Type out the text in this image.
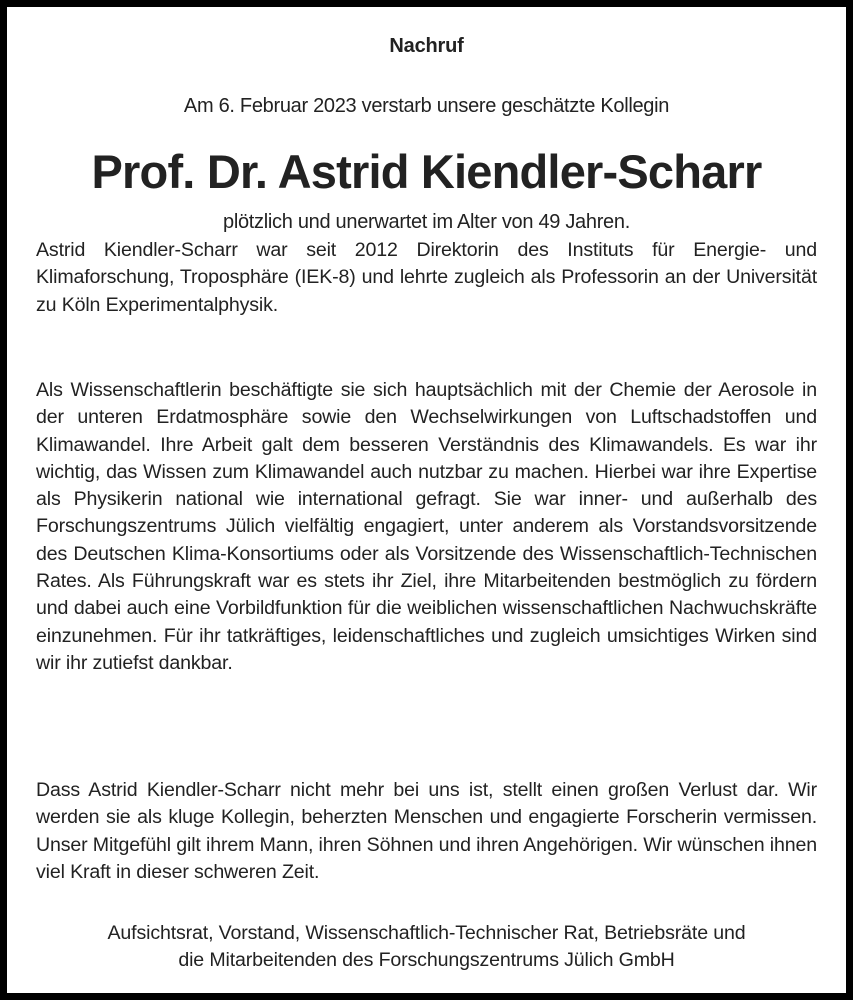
Nachruf
Am 6. Februar 2023 verstarb unsere geschätzte Kollegin
Prof. Dr. Astrid Kiendler-Scharr
plötzlich und unerwartet im Alter von 49 Jahren.

Astrid Kiendler-Scharr war seit 2012 Direktorin des Instituts für Energie- und Klimaforschung, Troposphäre (IEK-8) und lehrte zugleich als Professorin an der Universität zu Köln Experimentalphysik.

Als Wissenschaftlerin beschäftigte sie sich hauptsächlich mit der Chemie der Aerosole in der unteren Erdatmosphäre sowie den Wechselwirkungen von Luftschadstoffen und Klimawandel. Ihre Arbeit galt dem besseren Verständnis des Klimawandels. Es war ihr wichtig, das Wissen zum Klimawandel auch nutzbar zu machen. Hierbei war ihre Expertise als Physikerin national wie international gefragt. Sie war inner- und außerhalb des Forschungszentrums Jülich vielfältig engagiert, unter anderem als Vorstandsvorsitzende des Deutschen Klima-Konsortiums oder als Vorsitzende des Wissenschaftlich-Technischen Rates. Als Führungskraft war es stets ihr Ziel, ihre Mitarbeitenden bestmöglich zu fördern und dabei auch eine Vorbildfunktion für die weiblichen wissenschaftlichen Nachwuchskräfte einzunehmen. Für ihr tatkräftiges, leidenschaftliches und zugleich umsichtiges Wirken sind wir ihr zutiefst dankbar.

Dass Astrid Kiendler-Scharr nicht mehr bei uns ist, stellt einen großen Verlust dar. Wir werden sie als kluge Kollegin, beherzten Menschen und engagierte Forscherin vermissen. Unser Mitgefühl gilt ihrem Mann, ihren Söhnen und ihren Angehörigen. Wir wünschen ihnen viel Kraft in dieser schweren Zeit.

Aufsichtsrat, Vorstand, Wissenschaftlich-Technischer Rat, Betriebsräte und
die Mitarbeitenden des Forschungszentrums Jülich GmbH
